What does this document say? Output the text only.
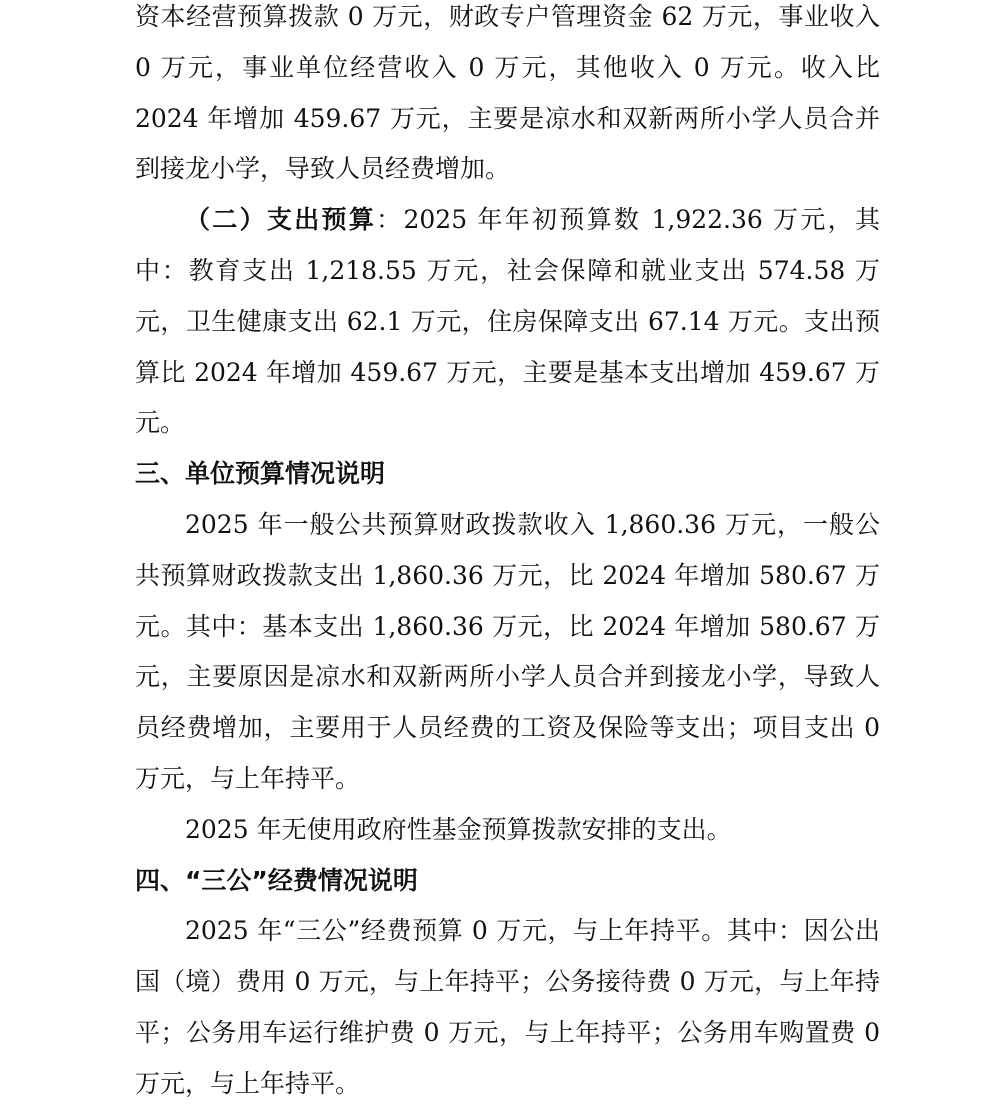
资本经营预算拨款 0 万元，财政专户管理资金 62 万元，事业收入 0 万元，事业单位经营收入 0 万元，其他收入 0 万元。收入比 2024 年增加 459.67 万元，主要是凉水和双新两所小学人员合并到接龙小学，导致人员经费增加。

（二）支出预算：2025 年年初预算数 1,922.36 万元，其中：教育支出 1,218.55 万元，社会保障和就业支出 574.58 万元，卫生健康支出 62.1 万元，住房保障支出 67.14 万元。支出预算比 2024 年增加 459.67 万元，主要是基本支出增加 459.67 万元。

三、单位预算情况说明

2025 年一般公共预算财政拨款收入 1,860.36 万元，一般公共预算财政拨款支出 1,860.36 万元，比 2024 年增加 580.67 万元。其中：基本支出 1,860.36 万元，比 2024 年增加 580.67 万元，主要原因是凉水和双新两所小学人员合并到接龙小学，导致人员经费增加，主要用于人员经费的工资及保险等支出；项目支出 0 万元，与上年持平。

2025 年无使用政府性基金预算拨款安排的支出。

四、“三公”经费情况说明

2025 年“三公”经费预算 0 万元，与上年持平。其中：因公出国（境）费用 0 万元，与上年持平；公务接待费 0 万元，与上年持平；公务用车运行维护费 0 万元，与上年持平；公务用车购置费 0 万元，与上年持平。
